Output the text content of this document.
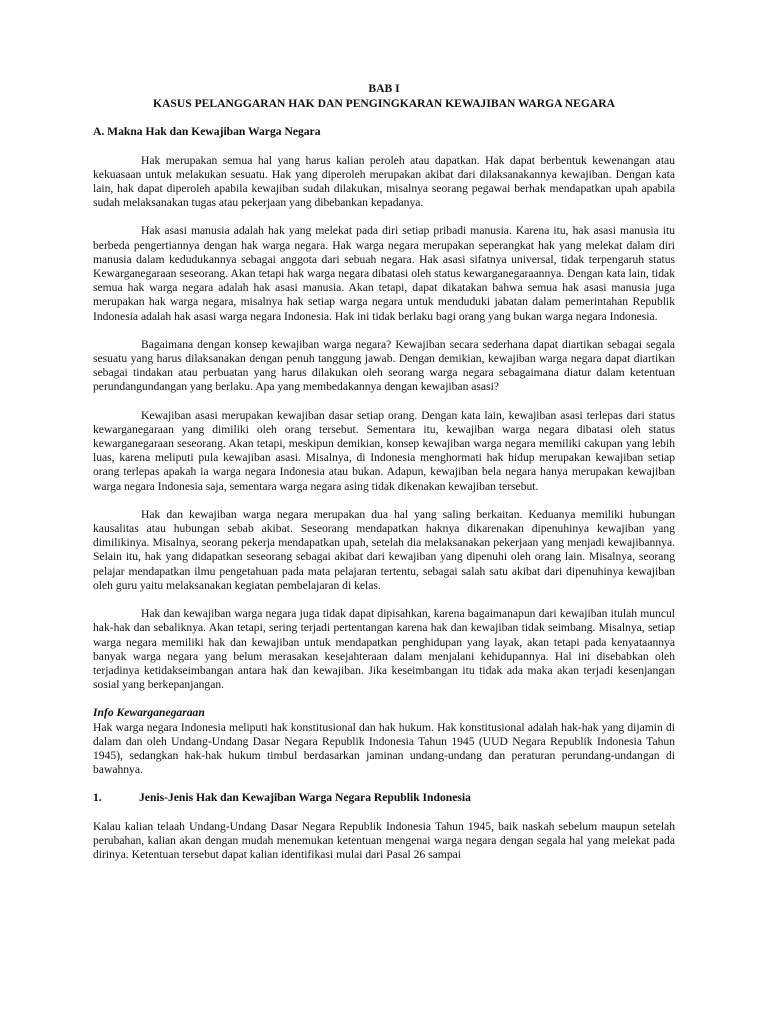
BAB I

KASUS PELANGGARAN HAK DAN PENGINGKARAN KEWAJIBAN WARGA NEGARA

A. Makna Hak dan Kewajiban Warga Negara

Hak merupakan semua hal yang harus kalian peroleh atau dapatkan. Hak dapat berbentuk kewenangan atau kekuasaan untuk melakukan sesuatu. Hak yang diperoleh merupakan akibat dari dilaksanakannya kewajiban. Dengan kata lain, hak dapat diperoleh apabila kewajiban sudah dilakukan, misalnya seorang pegawai berhak mendapatkan upah apabila sudah melaksanakan tugas atau pekerjaan yang dibebankan kepadanya.

Hak asasi manusia adalah hak yang melekat pada diri setiap pribadi manusia. Karena itu, hak asasi manusia itu berbeda pengertiannya dengan hak warga negara. Hak warga negara merupakan seperangkat hak yang melekat dalam diri manusia dalam kedudukannya sebagai anggota dari sebuah negara. Hak asasi sifatnya universal, tidak terpengaruh status Kewarganegaraan seseorang. Akan tetapi hak warga negara dibatasi oleh status kewarganegaraannya. Dengan kata lain, tidak semua hak warga negara adalah hak asasi manusia. Akan tetapi, dapat dikatakan bahwa semua hak asasi manusia juga merupakan hak warga negara, misalnya hak setiap warga negara untuk menduduki jabatan dalam pemerintahan Republik Indonesia adalah hak asasi warga negara Indonesia. Hak ini tidak berlaku bagi orang yang bukan warga negara Indonesia.

Bagaimana dengan konsep kewajiban warga negara? Kewajiban secara sederhana dapat diartikan sebagai segala sesuatu yang harus dilaksanakan dengan penuh tanggung jawab. Dengan demikian, kewajiban warga negara dapat diartikan sebagai tindakan atau perbuatan yang harus dilakukan oleh seorang warga negara sebagaimana diatur dalam ketentuan perundangundangan yang berlaku. Apa yang membedakannya dengan kewajiban asasi?

Kewajiban asasi merupakan kewajiban dasar setiap orang. Dengan kata lain, kewajiban asasi terlepas dari status kewarganegaraan yang dimiliki oleh orang tersebut. Sementara itu, kewajiban warga negara dibatasi oleh status kewarganegaraan seseorang. Akan tetapi, meskipun demikian, konsep kewajiban warga negara memiliki cakupan yang lebih luas, karena meliputi pula kewajiban asasi. Misalnya, di Indonesia menghormati hak hidup merupakan kewajiban setiap orang terlepas apakah ia warga negara Indonesia atau bukan. Adapun, kewajiban bela negara hanya merupakan kewajiban warga negara Indonesia saja, sementara warga negara asing tidak dikenakan kewajiban tersebut.

Hak dan kewajiban warga negara merupakan dua hal yang saling berkaitan. Keduanya memiliki hubungan kausalitas atau hubungan sebab akibat. Seseorang mendapatkan haknya dikarenakan dipenuhinya kewajiban yang dimilikinya. Misalnya, seorang pekerja mendapatkan upah, setelah dia melaksanakan pekerjaan yang menjadi kewajibannya. Selain itu, hak yang didapatkan seseorang sebagai akibat dari kewajiban yang dipenuhi oleh orang lain. Misalnya, seorang pelajar mendapatkan ilmu pengetahuan pada mata pelajaran tertentu, sebagai salah satu akibat dari dipenuhinya kewajiban oleh guru yaitu melaksanakan kegiatan pembelajaran di kelas.

Hak dan kewajiban warga negara juga tidak dapat dipisahkan, karena bagaimanapun dari kewajiban itulah muncul hak-hak dan sebaliknya. Akan tetapi, sering terjadi pertentangan karena hak dan kewajiban tidak seimbang. Misalnya, setiap warga negara memiliki hak dan kewajiban untuk mendapatkan penghidupan yang layak, akan tetapi pada kenyataannya banyak warga negara yang belum merasakan kesejahteraan dalam menjalani kehidupannya. Hal ini disebabkan oleh terjadinya ketidakseimbangan antara hak dan kewajiban. Jika keseimbangan itu tidak ada maka akan terjadi kesenjangan sosial yang berkepanjangan.

Info Kewarganegaraan

Hak warga negara Indonesia meliputi hak konstitusional dan hak hukum. Hak konstitusional adalah hak-hak yang dijamin di dalam dan oleh Undang-Undang Dasar Negara Republik Indonesia Tahun 1945 (UUD Negara Republik Indonesia Tahun 1945), sedangkan hak-hak hukum timbul berdasarkan jaminan undang-undang dan peraturan perundang-undangan di bawahnya.

1.	Jenis-Jenis Hak dan Kewajiban Warga Negara Republik Indonesia

Kalau kalian telaah Undang-Undang Dasar Negara Republik Indonesia Tahun 1945, baik naskah sebelum maupun setelah perubahan, kalian akan dengan mudah menemukan ketentuan mengenai warga negara dengan segala hal yang melekat pada dirinya. Ketentuan tersebut dapat kalian identifikasi mulai dari Pasal 26 sampai
